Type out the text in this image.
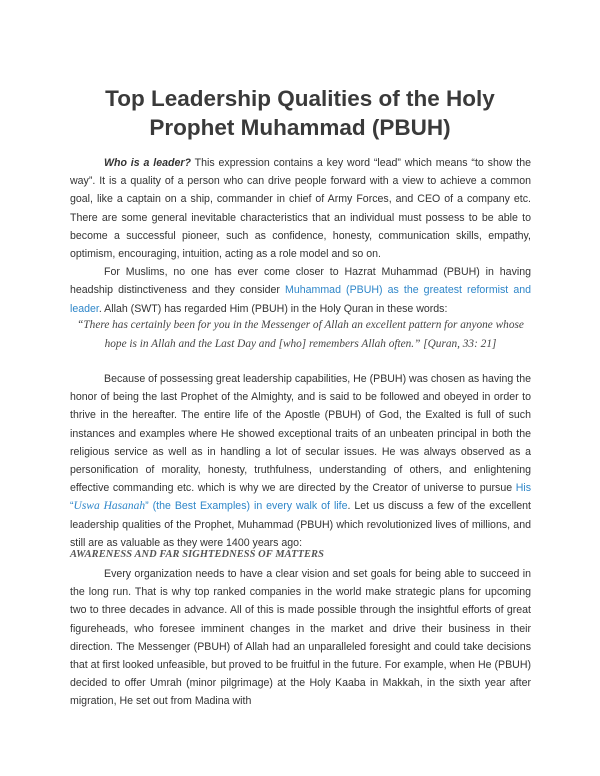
Top Leadership Qualities of the Holy Prophet Muhammad (PBUH)

Who is a leader? This expression contains a key word “lead” which means “to show the way”. It is a quality of a person who can drive people forward with a view to achieve a common goal, like a captain on a ship, commander in chief of Army Forces, and CEO of a company etc. There are some general inevitable characteristics that an individual must possess to be able to become a successful pioneer, such as confidence, honesty, communication skills, empathy, optimism, encouraging, intuition, acting as a role model and so on.

For Muslims, no one has ever come closer to Hazrat Muhammad (PBUH) in having headship distinctiveness and they consider Muhammad (PBUH) as the greatest reformist and leader. Allah (SWT) has regarded Him (PBUH) in the Holy Quran in these words:

“There has certainly been for you in the Messenger of Allah an excellent pattern for anyone whose hope is in Allah and the Last Day and [who] remembers Allah often.” [Quran, 33: 21]

Because of possessing great leadership capabilities, He (PBUH) was chosen as having the honor of being the last Prophet of the Almighty, and is said to be followed and obeyed in order to thrive in the hereafter. The entire life of the Apostle (PBUH) of God, the Exalted is full of such instances and examples where He showed exceptional traits of an unbeaten principal in both the religious service as well as in handling a lot of secular issues. He was always observed as a personification of morality, honesty, truthfulness, understanding of others, and enlightening effective commanding etc. which is why we are directed by the Creator of universe to pursue His “Uswa Hasanah” (the Best Examples) in every walk of life. Let us discuss a few of the excellent leadership qualities of the Prophet, Muhammad (PBUH) which revolutionized lives of millions, and still are as valuable as they were 1400 years ago:

AWARENESS AND FAR SIGHTEDNESS OF MATTERS

Every organization needs to have a clear vision and set goals for being able to succeed in the long run. That is why top ranked companies in the world make strategic plans for upcoming two to three decades in advance. All of this is made possible through the insightful efforts of great figureheads, who foresee imminent changes in the market and drive their business in their direction. The Messenger (PBUH) of Allah had an unparalleled foresight and could take decisions that at first looked unfeasible, but proved to be fruitful in the future. For example, when He (PBUH) decided to offer Umrah (minor pilgrimage) at the Holy Kaaba in Makkah, in the sixth year after migration, He set out from Madina with
